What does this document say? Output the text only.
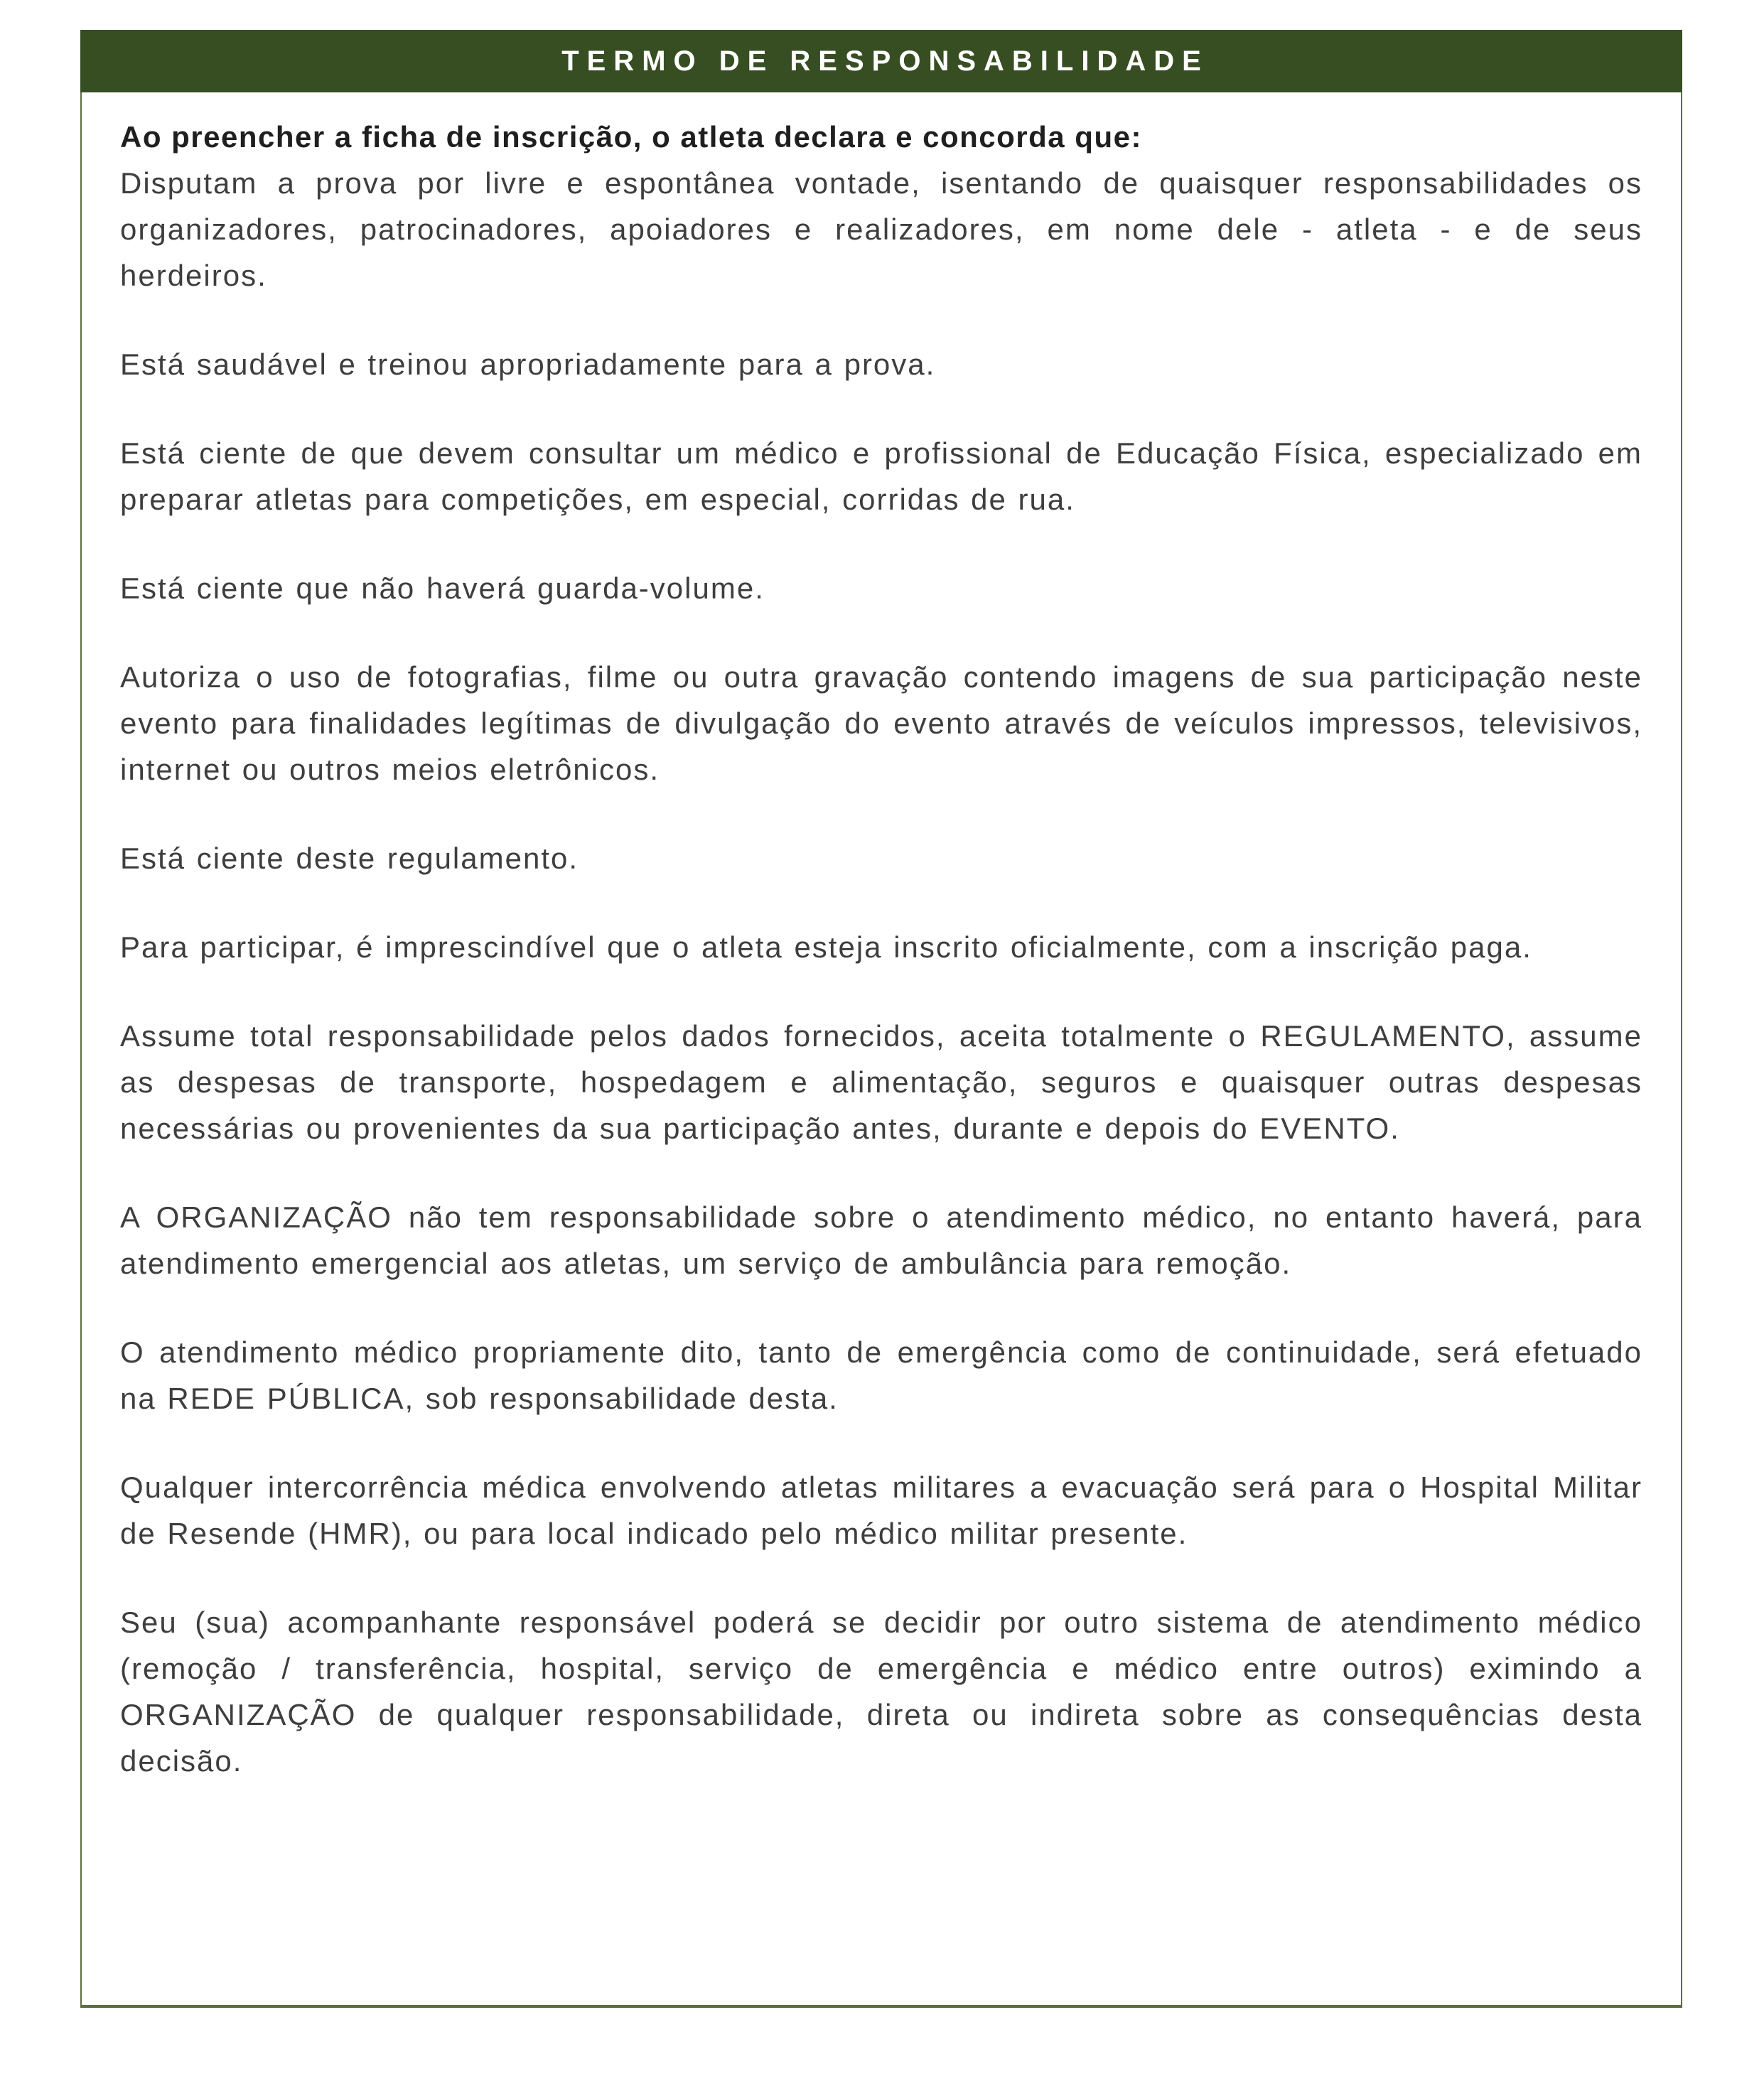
TERMO DE RESPONSABILIDADE

Ao preencher a ficha de inscrição, o atleta declara e concorda que:

Disputam a prova por livre e espontânea vontade, isentando de quaisquer responsabilidades os organizadores, patrocinadores, apoiadores e realizadores, em nome dele - atleta - e de seus herdeiros.

Está saudável e treinou apropriadamente para a prova.

Está ciente de que devem consultar um médico e profissional de Educação Física, especializado em preparar atletas para competições, em especial, corridas de rua.

Está ciente que não haverá guarda-volume.

Autoriza o uso de fotografias, filme ou outra gravação contendo imagens de sua participação neste evento para finalidades legítimas de divulgação do evento através de veículos impressos, televisivos, internet ou outros meios eletrônicos.

Está ciente deste regulamento.

Para participar, é imprescindível que o atleta esteja inscrito oficialmente, com a inscrição paga.

Assume total responsabilidade pelos dados fornecidos, aceita totalmente o REGULAMENTO, assume as despesas de transporte, hospedagem e alimentação, seguros e quaisquer outras despesas necessárias ou provenientes da sua participação antes, durante e depois do EVENTO.

A ORGANIZAÇÃO não tem responsabilidade sobre o atendimento médico, no entanto haverá, para atendimento emergencial aos atletas, um serviço de ambulância para remoção.

O atendimento médico propriamente dito, tanto de emergência como de continuidade, será efetuado na REDE PÚBLICA, sob responsabilidade desta.

Qualquer intercorrência médica envolvendo atletas militares a evacuação será para o Hospital Militar de Resende (HMR), ou para local indicado pelo médico militar presente.

Seu (sua) acompanhante responsável poderá se decidir por outro sistema de atendimento médico (remoção / transferência, hospital, serviço de emergência e médico entre outros) eximindo a ORGANIZAÇÃO de qualquer responsabilidade, direta ou indireta sobre as consequências desta decisão.
